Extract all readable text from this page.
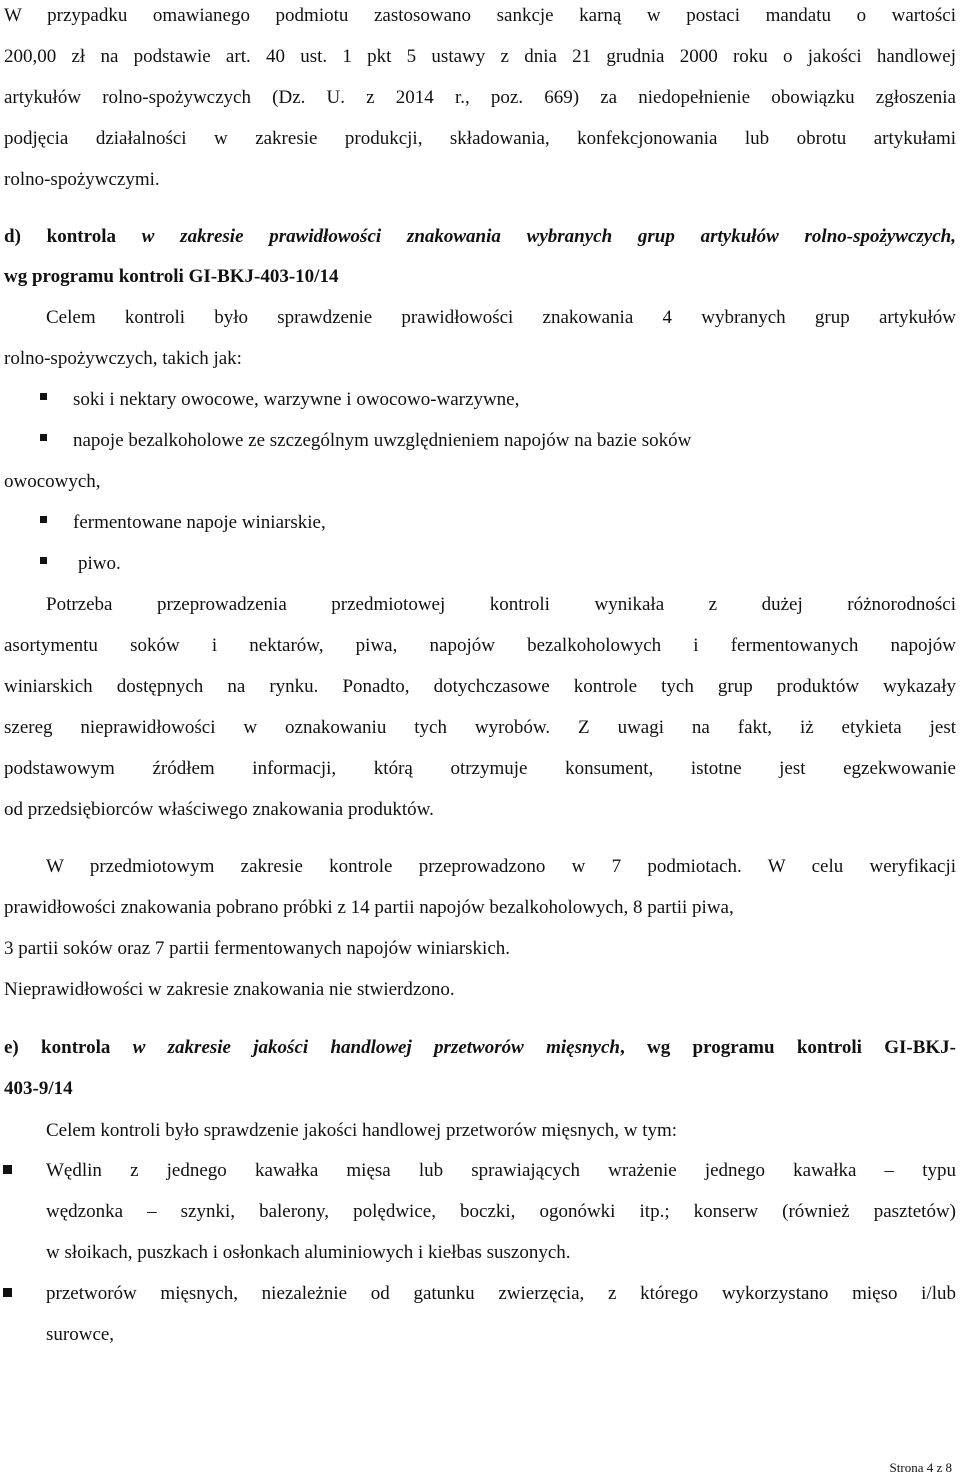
W przypadku omawianego podmiotu zastosowano sankcje karną w postaci mandatu o wartości
200,00 zł na podstawie art. 40 ust. 1 pkt 5 ustawy z dnia 21 grudnia 2000 roku o jakości handlowej
artykułów rolno-spożywczych (Dz. U. z 2014 r., poz. 669) za niedopełnienie obowiązku zgłoszenia
podjęcia działalności w zakresie produkcji, składowania, konfekcjonowania lub obrotu artykułami
rolno-spożywczymi.
d) kontrola w zakresie prawidłowości znakowania wybranych grup artykułów rolno-spożywczych,
wg programu kontroli GI-BKJ-403-10/14
Celem kontroli było sprawdzenie prawidłowości znakowania 4 wybranych grup artykułów
rolno-spożywczych, takich jak:
soki i nektary owocowe, warzywne i owocowo-warzywne,
napoje bezalkoholowe ze szczególnym uwzględnieniem napojów na bazie soków
owocowych,
fermentowane napoje winiarskie,
piwo.
Potrzeba przeprowadzenia przedmiotowej kontroli wynikała z dużej różnorodności
asortymentu soków i nektarów, piwa, napojów bezalkoholowych i fermentowanych napojów
winiarskich dostępnych na rynku. Ponadto, dotychczasowe kontrole tych grup produktów wykazały
szereg nieprawidłowości w oznakowaniu tych wyrobów. Z uwagi na fakt, iż etykieta jest
podstawowym źródłem informacji, którą otrzymuje konsument, istotne jest egzekwowanie
od przedsiębiorców właściwego znakowania produktów.
W przedmiotowym zakresie kontrole przeprowadzono w 7 podmiotach. W celu weryfikacji
prawidłowości znakowania pobrano próbki z 14 partii napojów bezalkoholowych, 8 partii piwa,
3 partii soków oraz 7 partii fermentowanych napojów winiarskich.
Nieprawidłowości w zakresie znakowania nie stwierdzono.
e) kontrola w zakresie jakości handlowej przetworów mięsnych, wg programu kontroli GI-BKJ-
403-9/14
Celem kontroli było sprawdzenie jakości handlowej przetworów mięsnych, w tym:
Wędlin z jednego kawałka mięsa lub sprawiających wrażenie jednego kawałka – typu
wędzonka – szynki, balerony, polędwice, boczki, ogonówki itp.; konserw (również pasztetów)
w słoikach, puszkach i osłonkach aluminiowych i kiełbas suszonych.
przetworów mięsnych, niezależnie od gatunku zwierzęcia, z którego wykorzystano mięso i/lub
surowce,
Strona 4 z 8
